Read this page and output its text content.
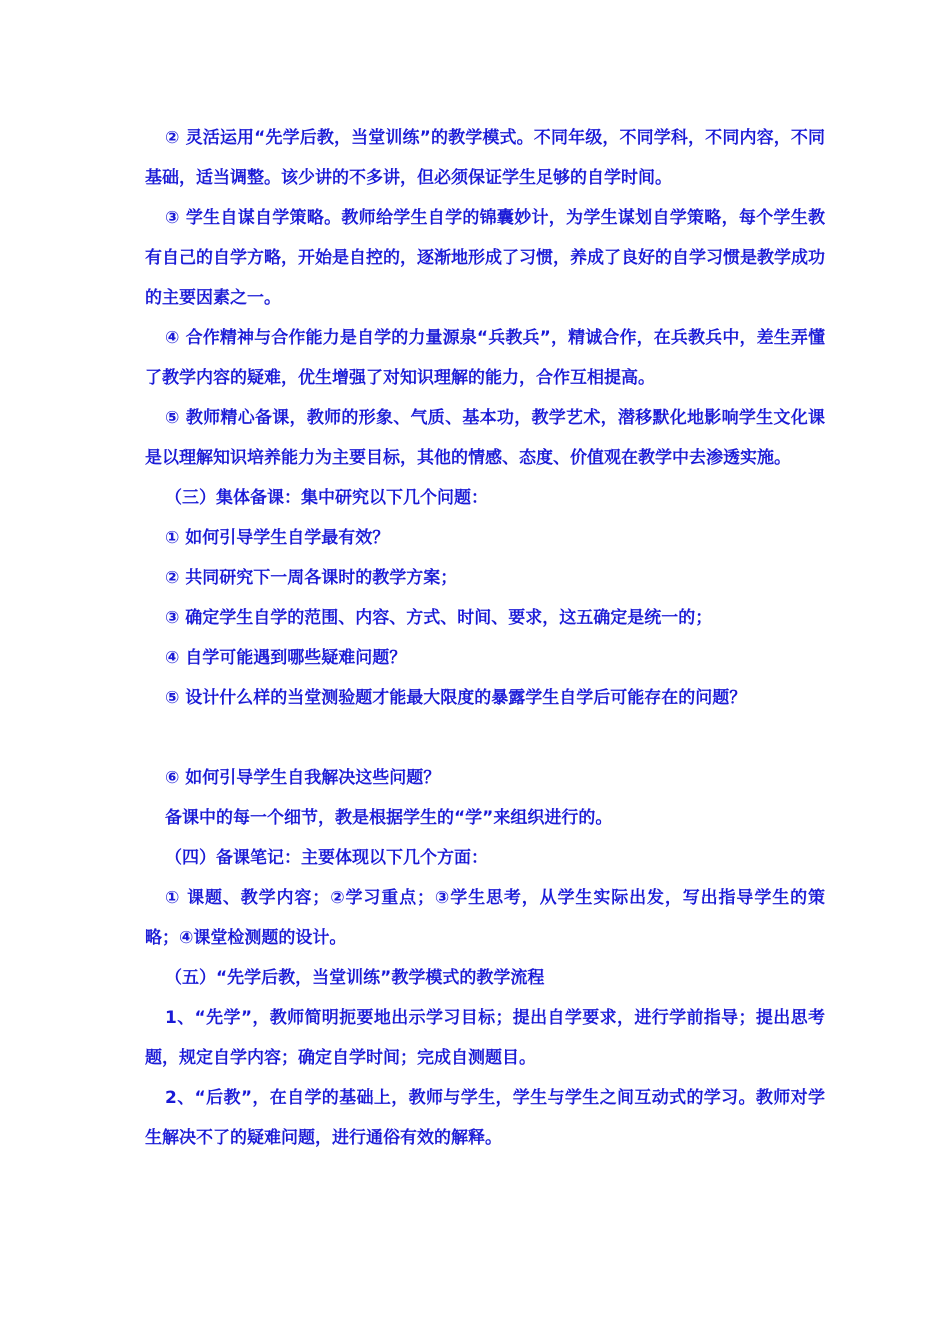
② 灵活运用“先学后教，当堂训练”的教学模式。不同年级，不同学科，不同内容，不同基础，适当调整。该少讲的不多讲，但必须保证学生足够的自学时间。

③ 学生自谋自学策略。教师给学生自学的锦囊妙计，为学生谋划自学策略，每个学生教有自己的自学方略，开始是自控的，逐渐地形成了习惯，养成了良好的自学习惯是教学成功的主要因素之一。

④ 合作精神与合作能力是自学的力量源泉“兵教兵”，精诚合作，在兵教兵中，差生弄懂了教学内容的疑难，优生增强了对知识理解的能力，合作互相提高。

⑤ 教师精心备课，教师的形象、气质、基本功，教学艺术，潜移默化地影响学生文化课是以理解知识培养能力为主要目标，其他的情感、态度、价值观在教学中去渗透实施。

（三）集体备课：集中研究以下几个问题：

① 如何引导学生自学最有效？

② 共同研究下一周各课时的教学方案；

③ 确定学生自学的范围、内容、方式、时间、要求，这五确定是统一的；

④ 自学可能遇到哪些疑难问题？

⑤ 设计什么样的当堂测验题才能最大限度的暴露学生自学后可能存在的问题？

⑥ 如何引导学生自我解决这些问题？

备课中的每一个细节，教是根据学生的“学”来组织进行的。

（四）备课笔记：主要体现以下几个方面：

① 课题、教学内容；②学习重点；③学生思考，从学生实际出发，写出指导学生的策略；④课堂检测题的设计。

（五）“先学后教，当堂训练”教学模式的教学流程

1、“先学”，教师简明扼要地出示学习目标；提出自学要求，进行学前指导；提出思考题，规定自学内容；确定自学时间；完成自测题目。

2、“后教”，在自学的基础上，教师与学生，学生与学生之间互动式的学习。教师对学生解决不了的疑难问题，进行通俗有效的解释。
